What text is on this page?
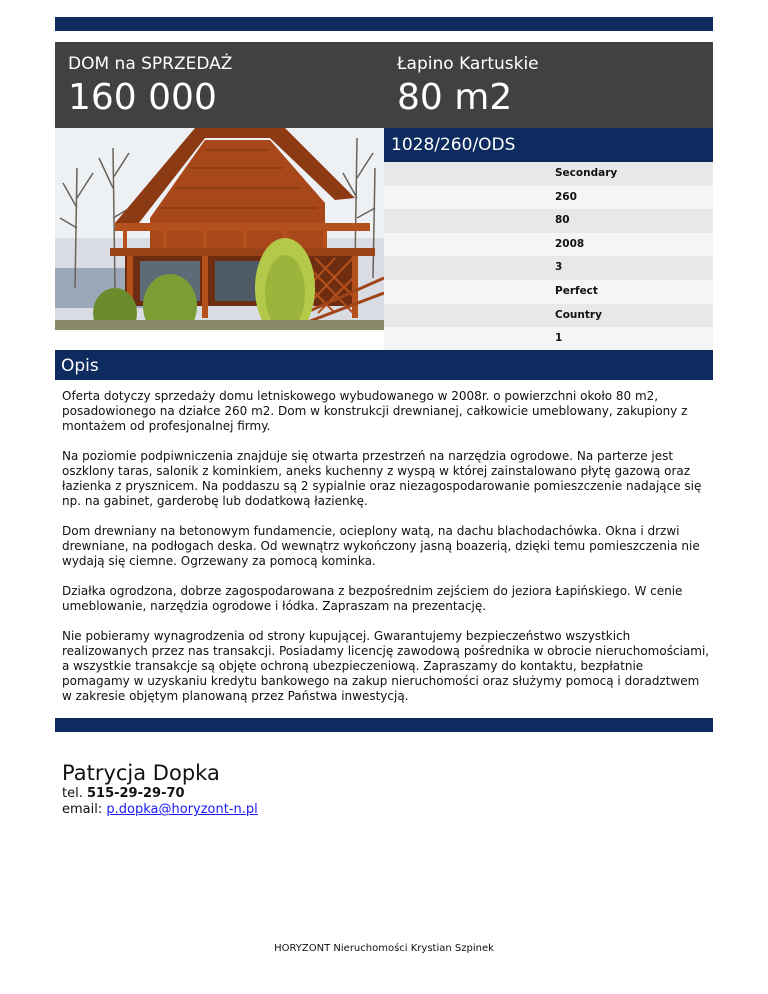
DOM na SPRZEDAŻ
160 000
Łapino Kartuskie
80 m2
1028/260/ODS
Secondary
260
80
2008
3
Perfect
Country
1
Opis

Oferta dotyczy sprzedaży domu letniskowego wybudowanego w 2008r. o powierzchni około 80 m2, posadowionego na działce 260 m2. Dom w konstrukcji drewnianej, całkowicie umeblowany, zakupiony z montażem od profesjonalnej firmy.

Na poziomie podpiwniczenia znajduje się otwarta przestrzeń na narzędzia ogrodowe. Na parterze jest oszklony taras, salonik z kominkiem, aneks kuchenny z wyspą w której zainstalowano płytę gazową oraz łazienka z prysznicem. Na poddaszu są 2 sypialnie oraz niezagospodarowanie pomieszczenie nadające się np. na gabinet, garderobę lub dodatkową łazienkę.

Dom drewniany na betonowym fundamencie, ocieplony watą, na dachu blachodachówka. Okna i drzwi drewniane, na podłogach deska. Od wewnątrz wykończony jasną boazerią, dzięki temu pomieszczenia nie wydają się ciemne. Ogrzewany za pomocą kominka.

Działka ogrodzona, dobrze zagospodarowana z bezpośrednim zejściem do jeziora Łapińskiego. W cenie umeblowanie, narzędzia ogrodowe i łódka. Zapraszam na prezentację.

Nie pobieramy wynagrodzenia od strony kupującej. Gwarantujemy bezpieczeństwo wszystkich realizowanych przez nas transakcji. Posiadamy licencję zawodową pośrednika w obrocie nieruchomościami, a wszystkie transakcje są objęte ochroną ubezpieczeniową. Zapraszamy do kontaktu, bezpłatnie pomagamy w uzyskaniu kredytu bankowego na zakup nieruchomości oraz służymy pomocą i doradztwem w zakresie objętym planowaną przez Państwa inwestycją.

Patrycja Dopka
tel. 515-29-29-70
email: p.dopka@horyzont-n.pl
HORYZONT Nieruchomości Krystian Szpinek
